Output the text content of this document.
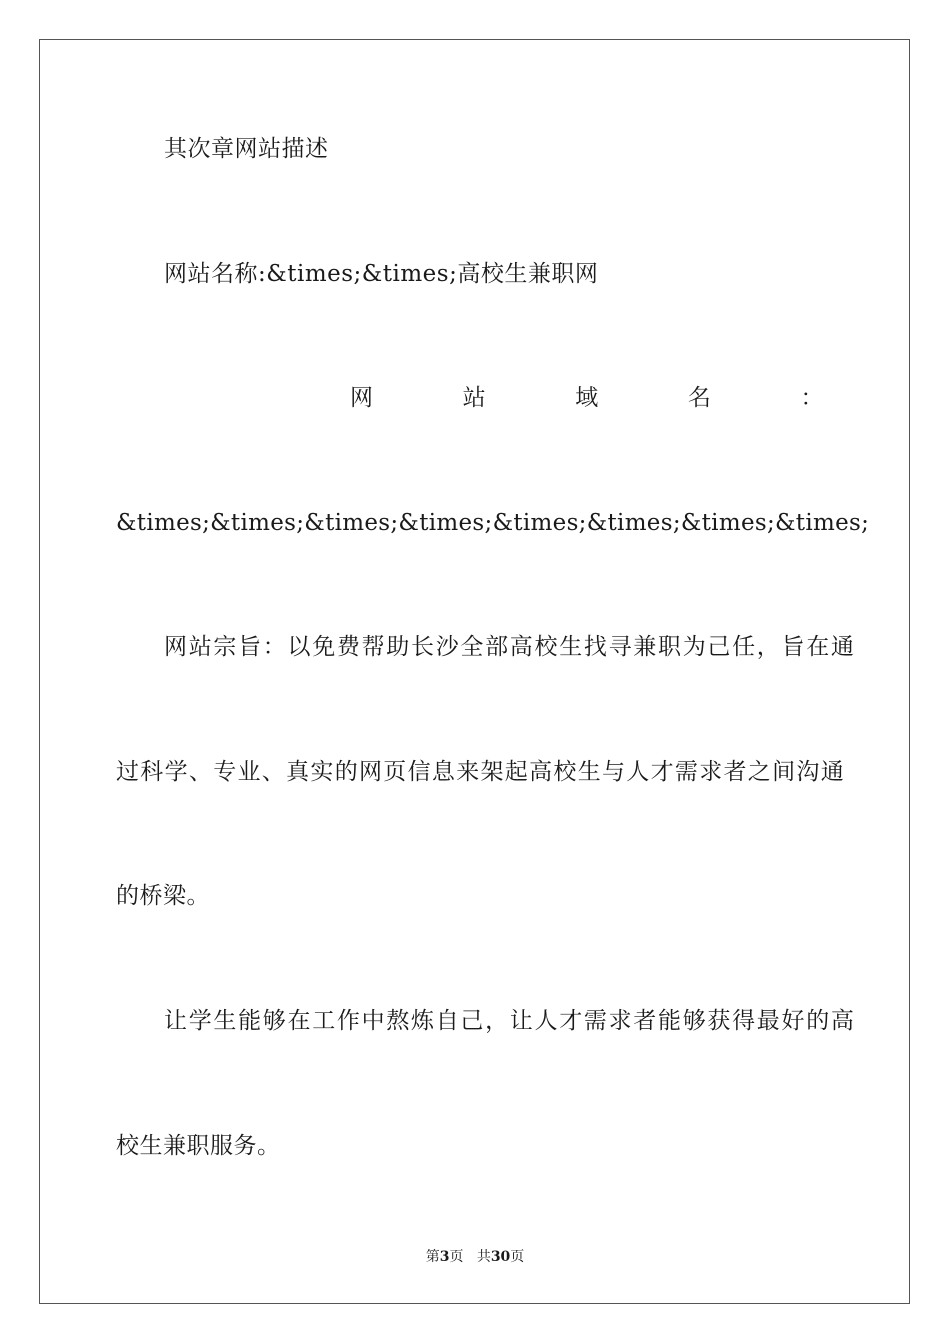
其次章网站描述
网站名称:&times;&times;高校生兼职网
网	站	域	名	：
&times;&times;&times;&times;&times;&times;&times;&times;
网站宗旨：以免费帮助长沙全部高校生找寻兼职为己任，旨在通
过科学、专业、真实的网页信息来架起高校生与人才需求者之间沟通
的桥梁。
让学生能够在工作中熬炼自己，让人才需求者能够获得最好的高
校生兼职服务。
第3页 共30页
